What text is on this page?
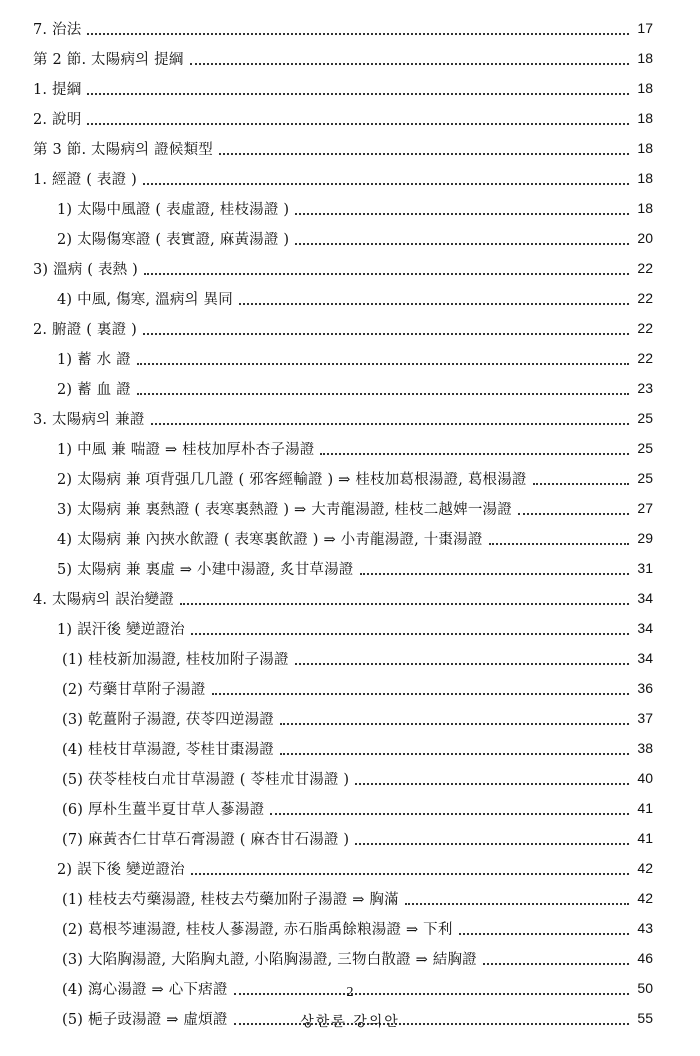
7. 治法	17
第 2 節. 太陽病의 提綱	18
1. 提綱	18
2. 說明	18
第 3 節. 太陽病의 證候類型	18
1. 經證 ( 表證 )	18
1) 太陽中風證 ( 表虛證, 桂枝湯證 )	18
2) 太陽傷寒證 ( 表實證, 麻黃湯證 )	20
3) 溫病 ( 表熱 )	22
4) 中風, 傷寒, 溫病의 異同	22
2. 腑證 ( 裏證 )	22
1) 蓄 水 證	22
2) 蓄 血 證	23
3. 太陽病의 兼證	25
1) 中風 兼 喘證 ⇒ 桂枝加厚朴杏子湯證	25
2) 太陽病 兼 項背强几几證 ( 邪客經輸證 ) ⇒ 桂枝加葛根湯證, 葛根湯證	25
3) 太陽病 兼 裏熱證 ( 表寒裏熱證 ) ⇒ 大靑龍湯證, 桂枝二越婢一湯證	27
4) 太陽病 兼 內挾水飮證 ( 表寒裏飮證 ) ⇒ 小靑龍湯證, 十棗湯證	29
5) 太陽病 兼 裏虛 ⇒ 小建中湯證, 炙甘草湯證	31
4. 太陽病의 誤治變證	34
1) 誤汗後 變逆證治	34
(1) 桂枝新加湯證, 桂枝加附子湯證	34
(2) 芍藥甘草附子湯證	36
(3) 乾薑附子湯證, 茯苓四逆湯證	37
(4) 桂枝甘草湯證, 苓桂甘棗湯證	38
(5) 茯苓桂枝白朮甘草湯證 ( 苓桂朮甘湯證 )	40
(6) 厚朴生薑半夏甘草人蔘湯證	41
(7) 麻黃杏仁甘草石膏湯證 ( 麻杏甘石湯證 )	41
2) 誤下後 變逆證治	42
(1) 桂枝去芍藥湯證, 桂枝去芍藥加附子湯證 ⇒ 胸滿	42
(2) 葛根芩連湯證, 桂枝人蔘湯證, 赤石脂禹餘粮湯證 ⇒ 下利	43
(3) 大陷胸湯證, 大陷胸丸證, 小陷胸湯證, 三物白散證 ⇒ 結胸證	46
(4) 瀉心湯證 ⇒ 心下痞證	50
(5) 梔子豉湯證 ⇒ 虛煩證	55
2
상한론 강의안
